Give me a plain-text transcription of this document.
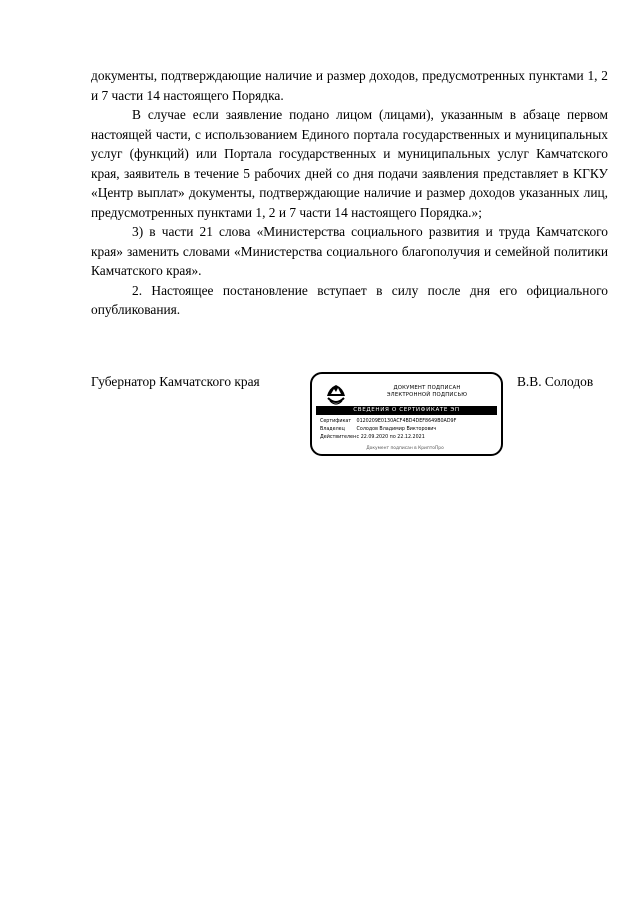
документы, подтверждающие наличие и размер доходов, предусмотренных пунктами 1, 2 и 7 части 14 настоящего Порядка.

В случае если заявление подано лицом (лицами), указанным в абзаце первом настоящей части, с использованием Единого портала государственных и муниципальных услуг (функций) или Портала государственных и муниципальных услуг Камчатского края, заявитель в течение 5 рабочих дней со дня подачи заявления представляет в КГКУ «Центр выплат» документы, подтверждающие наличие и размер доходов указанных лиц, предусмотренных пунктами 1, 2 и 7 части 14 настоящего Порядка.»;

3) в части 21 слова «Министерства социального развития и труда Камчатского края» заменить словами «Министерства социального благополучия и семейной политики Камчатского края».

2. Настоящее постановление вступает в силу после дня его официального опубликования.

Губернатор Камчатского края	ДОКУМЕНТ ПОДПИСАН
ЭЛЕКТРОННОЙ ПОДПИСЬЮ
СВЕДЕНИЯ О СЕРТИФИКАТЕ ЭП
Сертификат 0120209E0130ACF4BD4DEF8649B0AD9F
Владелец Солодов Владимир Викторович
Действителен с 22.09.2020 по 22.12.2021
Документ подписан в КриптоПро
В.В. Солодов
